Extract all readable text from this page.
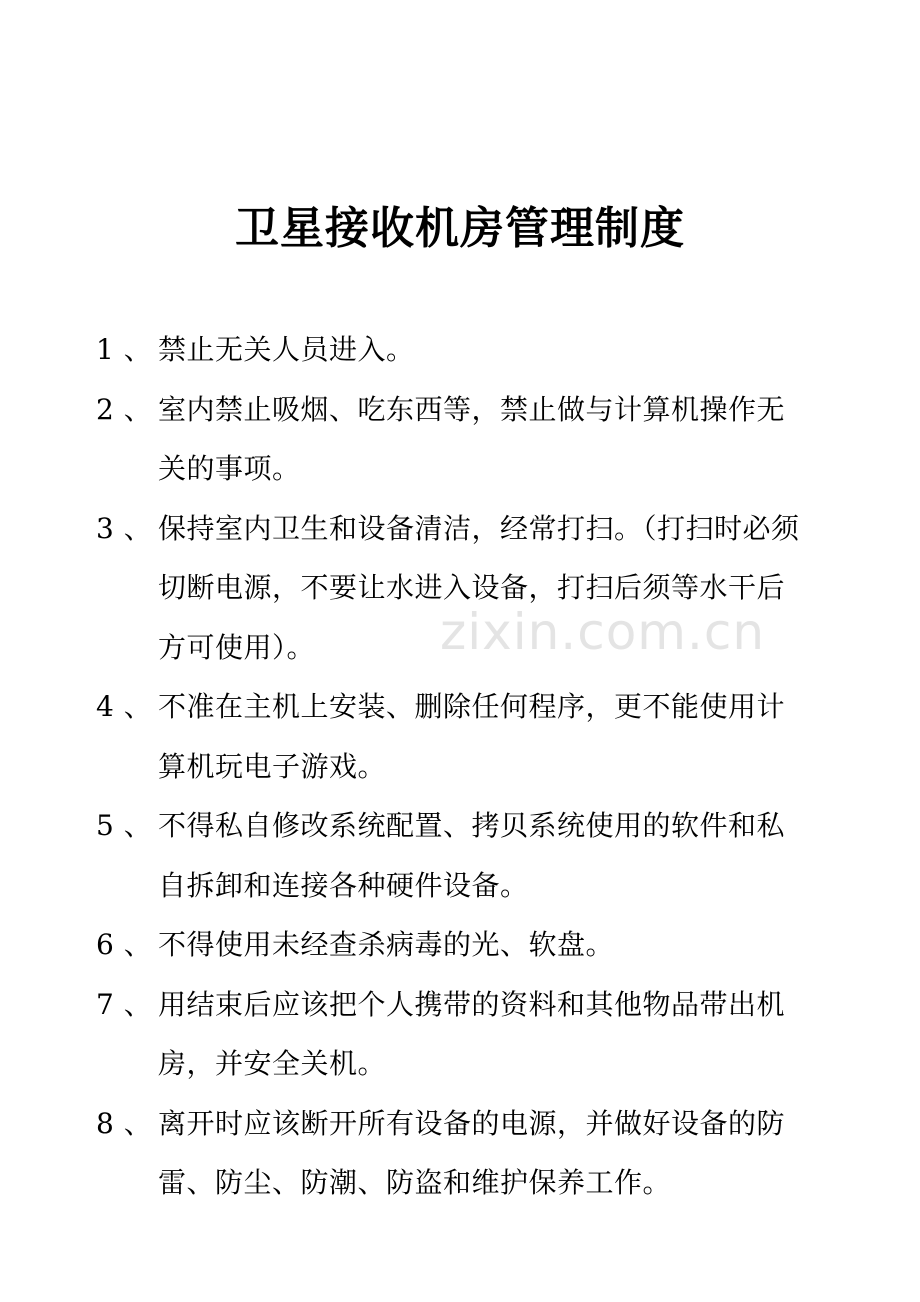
卫星接收机房管理制度
1 、 禁止无关人员进入。
2 、 室内禁止吸烟、吃东西等，禁止做与计算机操作无关的事项。
3 、 保持室内卫生和设备清洁，经常打扫。（打扫时必须切断电源，不要让水进入设备，打扫后须等水干后方可使用）。
4 、 不准在主机上安装、删除任何程序，更不能使用计算机玩电子游戏。
5 、 不得私自修改系统配置、拷贝系统使用的软件和私自拆卸和连接各种硬件设备。
6 、 不得使用未经查杀病毒的光、软盘。
7 、 用结束后应该把个人携带的资料和其他物品带出机房，并安全关机。
8 、 离开时应该断开所有设备的电源，并做好设备的防雷、防尘、防潮、防盗和维护保养工作。
zixin.com.cn
